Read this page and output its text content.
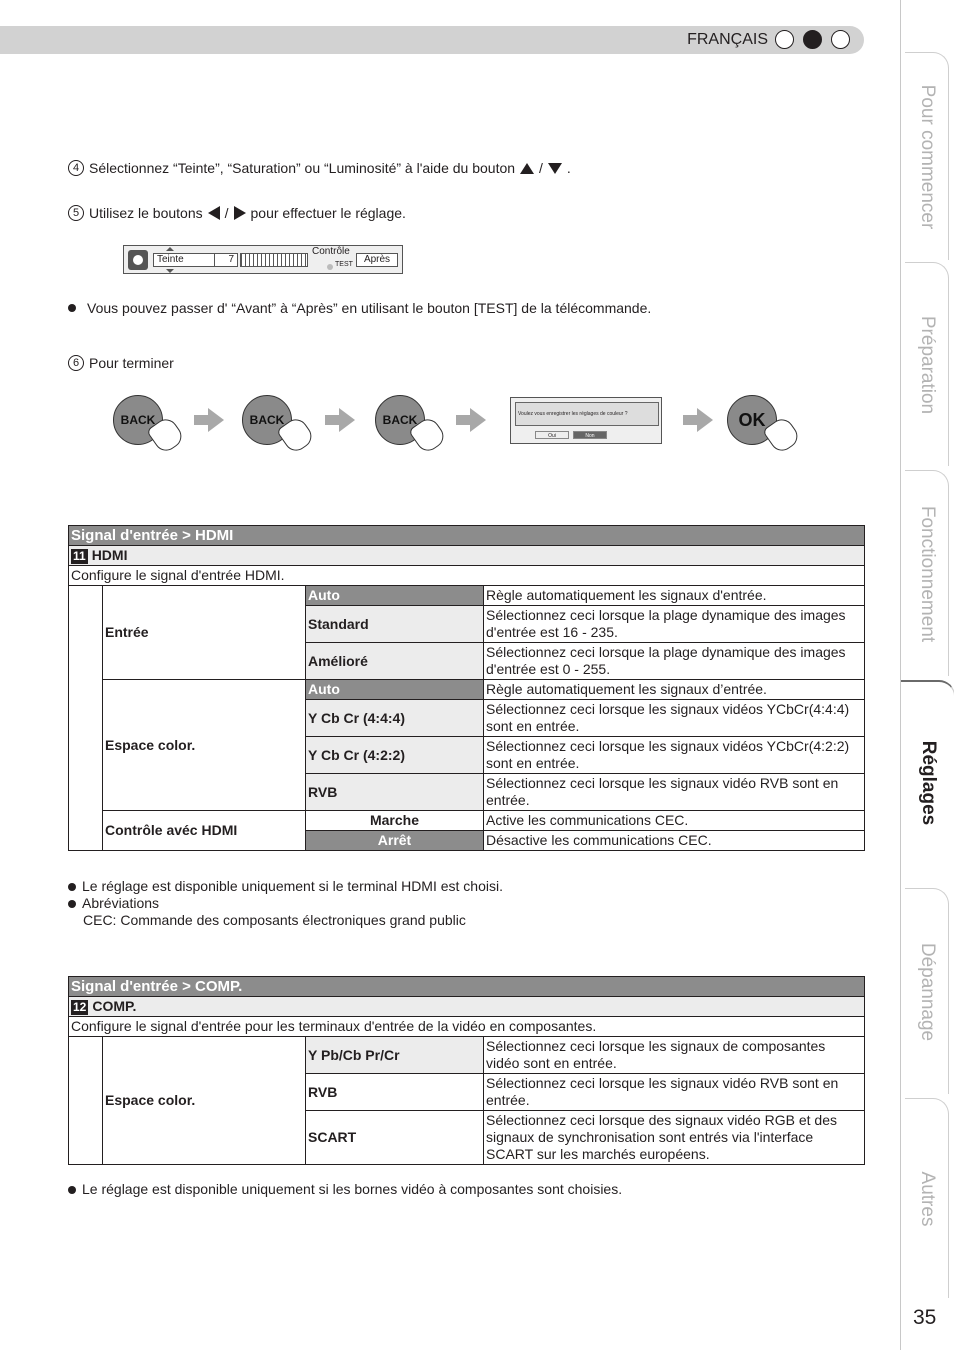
FRANÇAIS
Pour commencer
Préparation
Fonctionnement
Réglages
Dépannage
Autres
35
4 Sélectionnez “Teinte”, “Saturation” ou “Luminosité” à l'aide du bouton / .
5 Utilisez le boutons / pour effectuer le réglage.
Teinte	7
Contrôle
TEST	Après
Vous pouvez passer d' “Avant” à “Après” en utilisant le bouton [TEST] de la télécommande.
6 Pour terminer
BACK	BACK	BACK	Voulez vous enregistrer les réglages de couleur ?
Oui	Non
OK
Signal d'entrée > HDMI			
11 HDMI			
Configure le signal d'entrée HDMI.			
	Entrée	Auto	Règle automatiquement les signaux d'entrée.
		Standard	Sélectionnez ceci lorsque la plage dynamique des images d'entrée est 16 - 235.
		Amélioré	Sélectionnez ceci lorsque la plage dynamique des images d'entrée est 0 - 255.
	Espace color.	Auto	Règle automatiquement les signaux d’entrée.
		Y Cb Cr (4:4:4)	Sélectionnez ceci lorsque les signaux vidéos YCbCr(4:4:4) sont en entrée.
		Y Cb Cr (4:2:2)	Sélectionnez ceci lorsque les signaux vidéos YCbCr(4:2:2) sont en entrée.
		RVB	Sélectionnez ceci lorsque les signaux vidéo RVB sont en entrée.
	Contrôle avéc HDMI	Marche	Active les communications CEC.
		Arrêt	Désactive les communications CEC.
Le réglage est disponible uniquement si le terminal HDMI est choisi.
Abréviations
CEC: Commande des composants électroniques grand public
Signal d'entrée > COMP.			
12 COMP.			
Configure le signal d'entrée pour les terminaux d'entrée de la vidéo en composantes.			
	Espace color.	Y Pb/Cb Pr/Cr	Sélectionnez ceci lorsque les signaux de composantes vidéo sont en entrée.
		RVB	Sélectionnez ceci lorsque les signaux vidéo RVB sont en entrée.
		SCART	Sélectionnez ceci lorsque des signaux vidéo RGB et des signaux de synchronisation sont entrés via l'interface SCART sur les marchés européens.
Le réglage est disponible uniquement si les bornes vidéo à composantes sont choisies.
